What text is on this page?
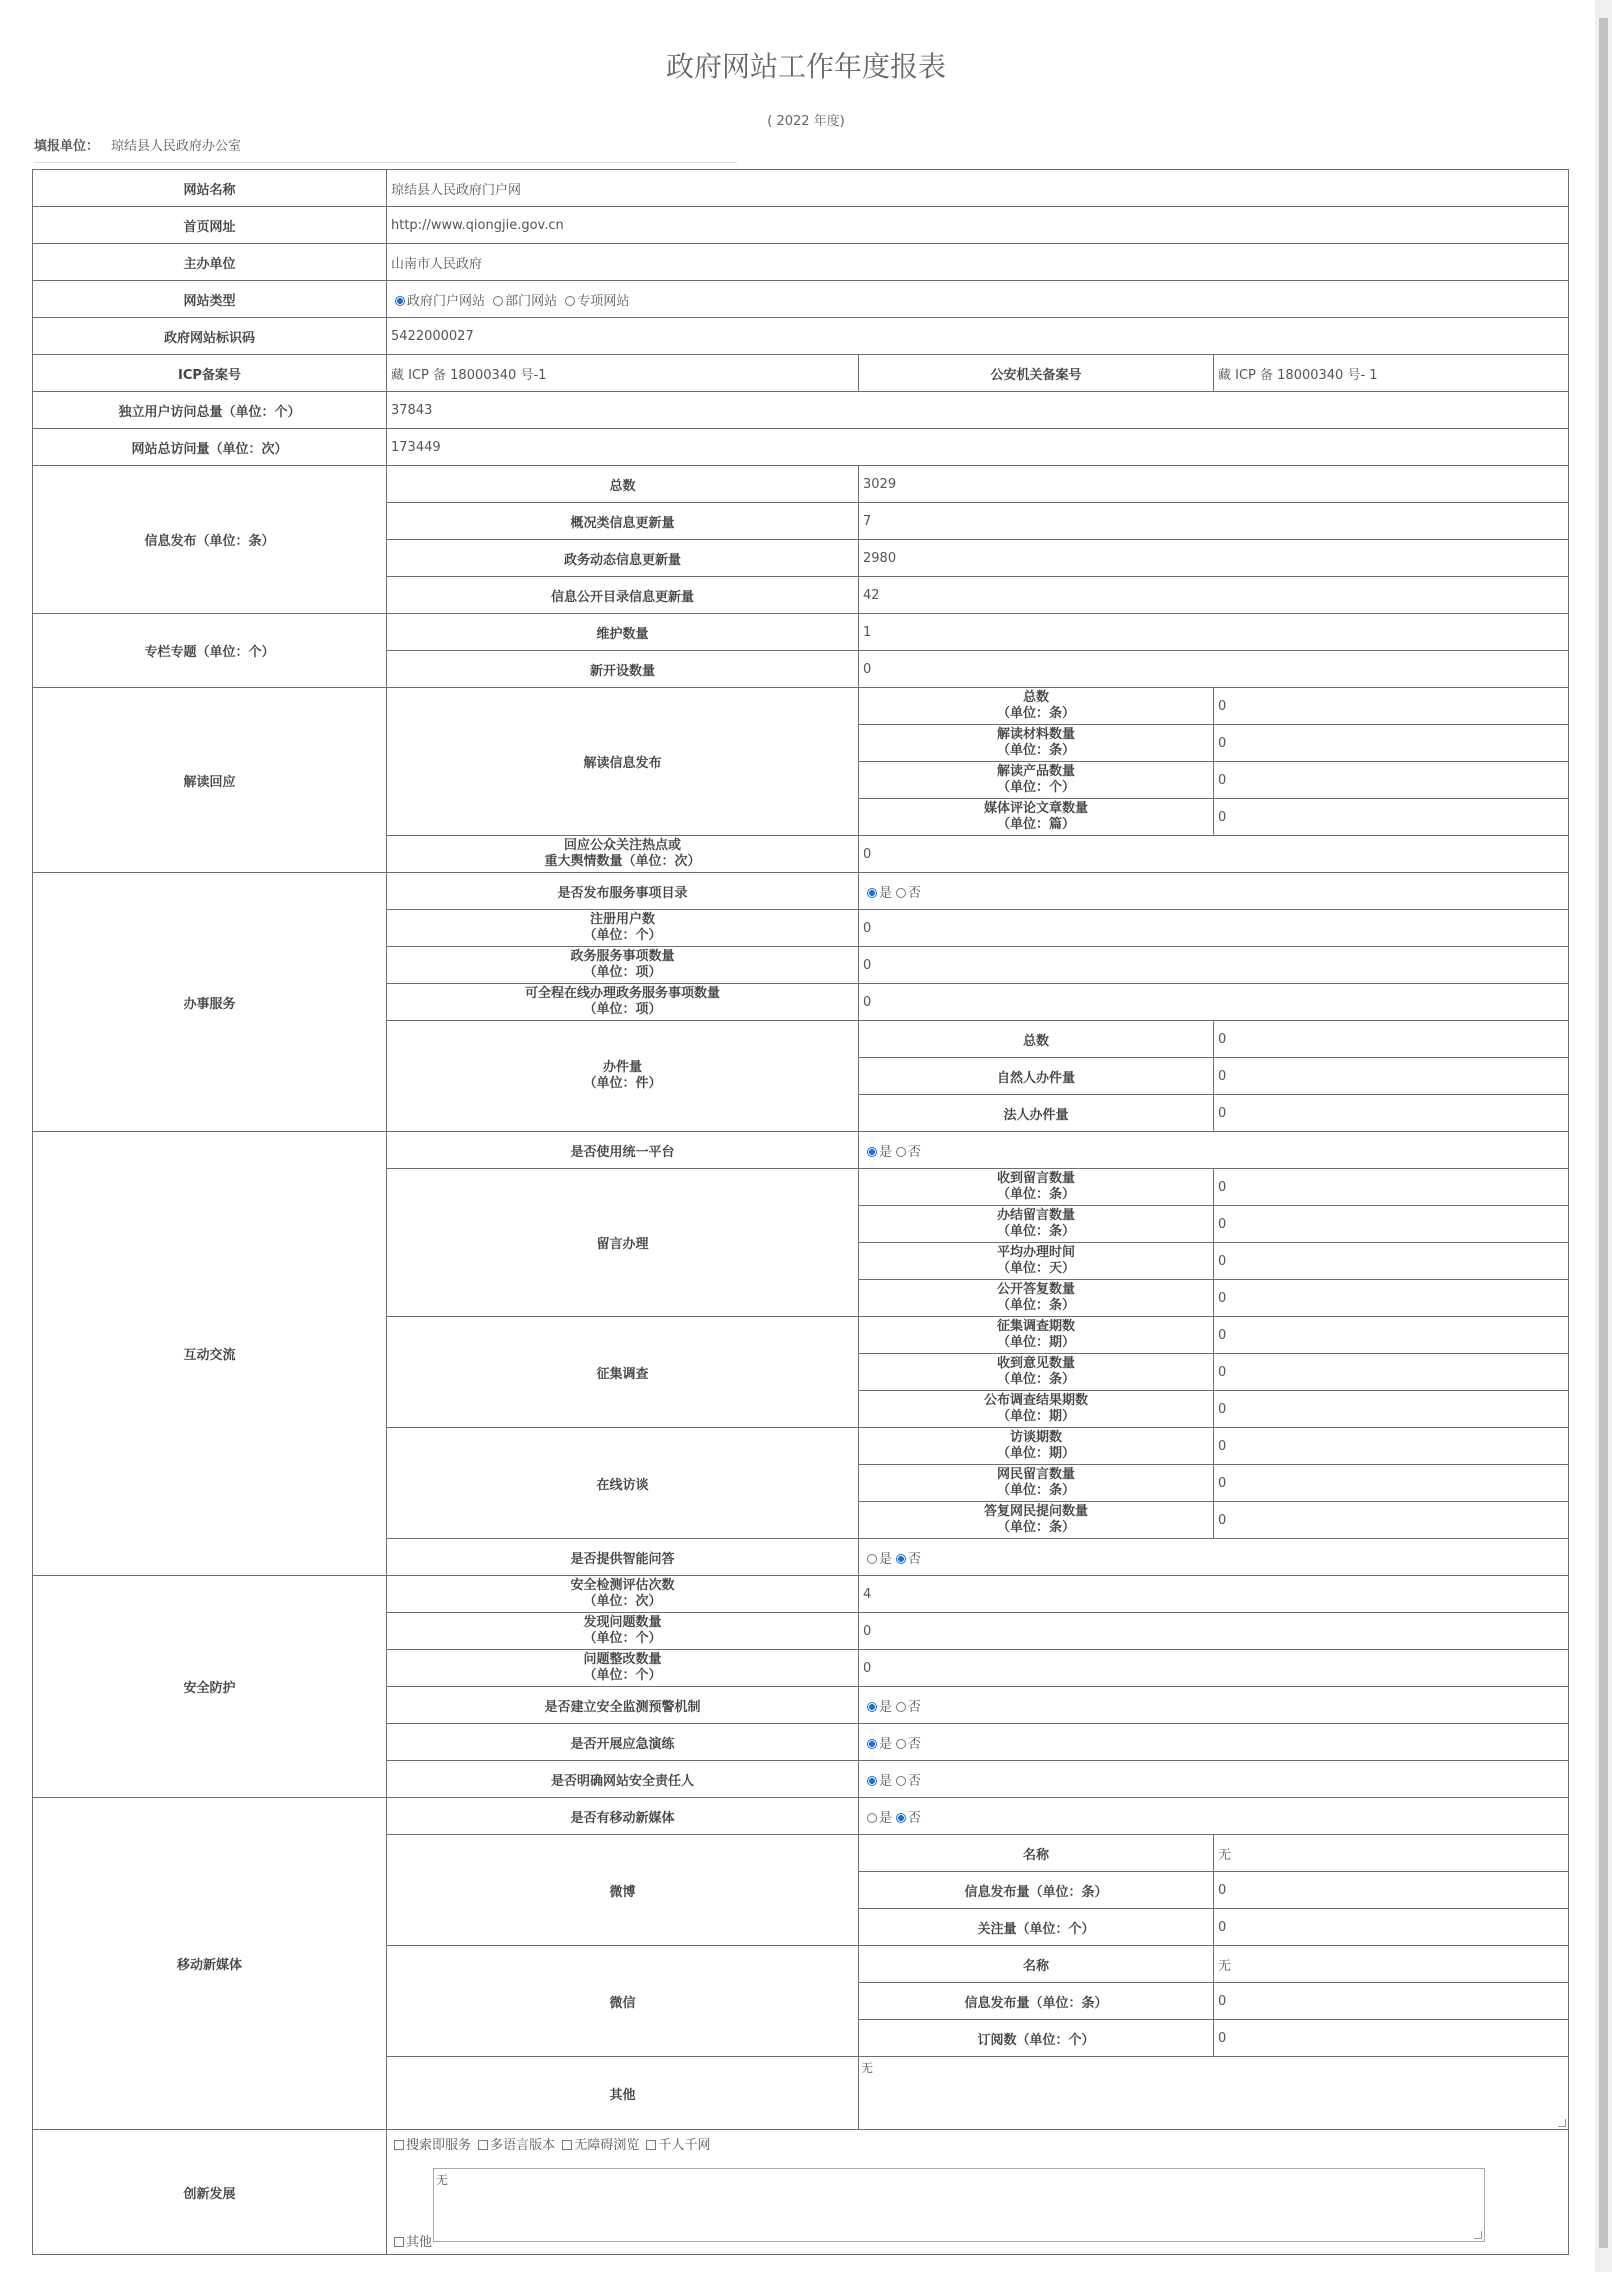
政府网站工作年度报表
( 2022 年度)
填报单位： 琼结县人民政府办公室
网站名称	琼结县人民政府门户网		
首页网址	http://www.qiongjie.gov.cn		
主办单位	山南市人民政府		
网站类型	政府门户网站 部门网站 专项网站		
政府网站标识码	5422000027		
ICP备案号	藏 ICP 备 18000340 号-1	公安机关备案号	藏 ICP 备 18000340 号- 1
独立用户访问总量（单位：个）	37843		
网站总访问量（单位：次）	173449		
信息发布（单位：条）	总数	3029	
	概况类信息更新量	7	
	政务动态信息更新量	2980	
	信息公开目录信息更新量	42	
专栏专题（单位：个）	维护数量	1	
	新开设数量	0	
解读回应	解读信息发布	总数
（单位：条）	0

		解读材料数量
（单位：条）	0

		解读产品数量
（单位：个）	0

		媒体评论文章数量
（单位：篇）	0

	回应公众关注热点或
重大舆情数量（单位：次）	0	
办事服务	是否发布服务事项目录	是 否	

	注册用户数
（单位：个）	0	

	政务服务事项数量
（单位：项）	0	

	可全程在线办理政务服务事项数量
（单位：项）	0	

	办件量
（单位：件）	总数	0
		自然人办件量	0
		法人办件量	0
互动交流	是否使用统一平台	是 否	
	留言办理	收到留言数量
（单位：条）	0

		办结留言数量
（单位：条）	0

		平均办理时间
（单位：天）	0

		公开答复数量
（单位：条）	0
	征集调查	征集调查期数
（单位：期）	0

		收到意见数量
（单位：条）	0

		公布调查结果期数
（单位：期）	0
	在线访谈	访谈期数
（单位：期）	0

		网民留言数量
（单位：条）	0

		答复网民提问数量
（单位：条）	0
	是否提供智能问答	是 否	
安全防护	安全检测评估次数
（单位：次）	4	

	发现问题数量
（单位：个）	0	

	问题整改数量
（单位：个）	0	
	是否建立安全监测预警机制	是 否	
	是否开展应急演练	是 否	
	是否明确网站安全责任人	是 否	
移动新媒体	是否有移动新媒体	是 否	
	微博	名称	无
		信息发布量（单位：条）	0
		关注量（单位：个）	0
	微信	名称	无
		信息发布量（单位：条）	0
		订阅数（单位：个）	0
	其他	无	

创新发展	搜索即服务 多语言版本 无障碍浏览 千人千网
其他
无		
